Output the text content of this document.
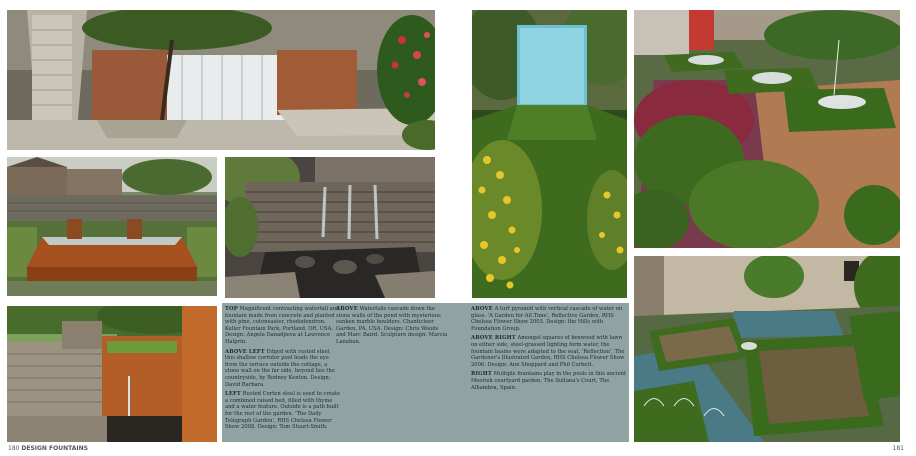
TOP Magnificent contrasting waterfall and fountain made from concrete and planted with pine, cotoneaster, rhododendron. Keller Fountain Park, Portland, OR, USA. Design: Angela Danadjieva at Lawrence Halprin.

ABOVE LEFT Edged with rusted steel, this shallow corridor pool leads the eye from the terrace outside the cottage, a stone wall on the far side, beyond lies the countryside, by Rodney Kenton. Design: David Barbara.

LEFT Rusted Corten steel is used to create a combined raised bed, filled with thyme and a water feature. Outside is a path built for the rest of the garden. 'The Daily Telegraph Garden', RHS Chelsea Flower Show 2008. Design: Tom Stuart-Smith.

ABOVE Waterfalls cascade down the stone walls of the pond with mysterious sunken marble boulders. Chanticleer Garden, PA, USA. Design: Chris Woods and Marc Baird. Sculpture design: Marcia Lanahan.

ABOVE A turf pyramid with vertical cascade of water on glass. 'A Garden for All Time', Reflective Garden, RHS Chelsea Flower Show 2003. Design: the Hills with Foundation Group.

ABOVE RIGHT Amongst squares of boxwood with lawn on either side, steel-grassed lighting form water, the fountain basins were adapted to the seat. 'Reflection', The Gardener's Illustrated Garden, RHS Chelsea Flower Show 2006. Design: Ann Sheppard and Phil Corbett.

RIGHT Multiple fountains play in the pools in this ancient Moorish courtyard garden. The Sultana's Court, The Alhambra, Spain.

180 DESIGN FOUNTAINS	181
